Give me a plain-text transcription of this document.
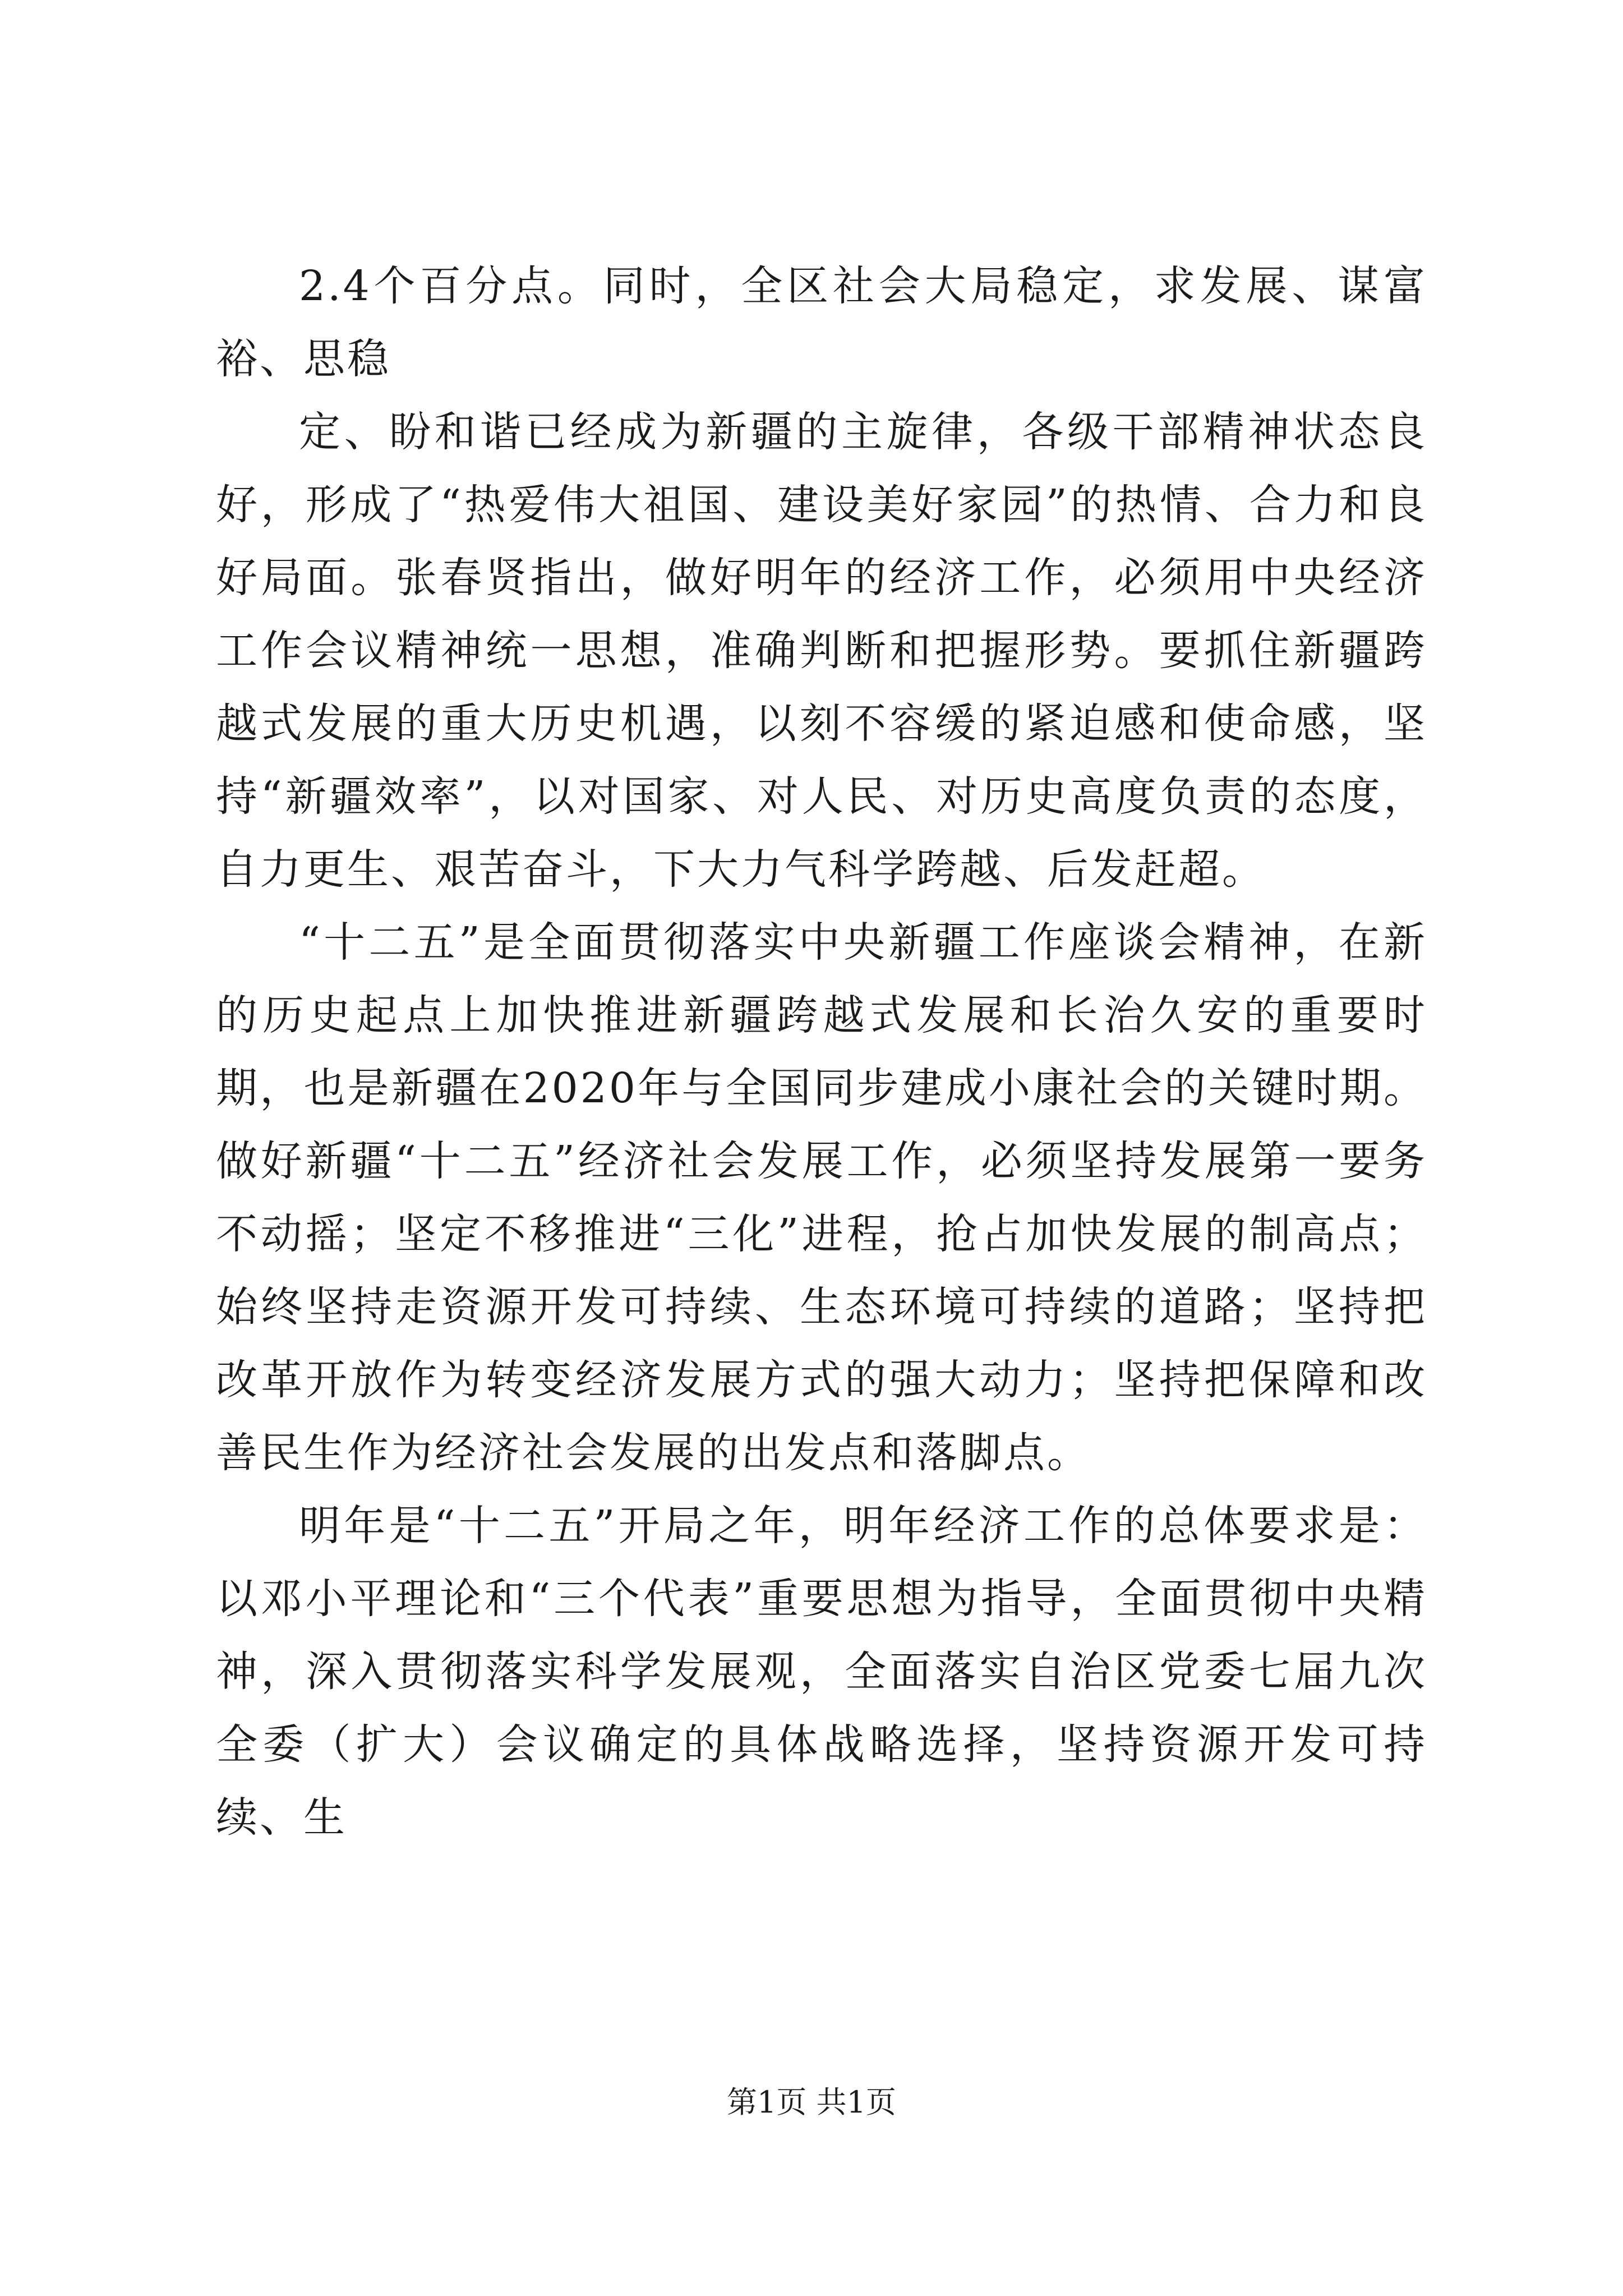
2.4个百分点。同时，全区社会大局稳定，求发展、谋富裕、思稳

定、盼和谐已经成为新疆的主旋律，各级干部精神状态良好，形成了“热爱伟大祖国、建设美好家园”的热情、合力和良好局面。张春贤指出，做好明年的经济工作，必须用中央经济工作会议精神统一思想，准确判断和把握形势。要抓住新疆跨越式发展的重大历史机遇，以刻不容缓的紧迫感和使命感，坚持“新疆效率”，以对国家、对人民、对历史高度负责的态度，自力更生、艰苦奋斗，下大力气科学跨越、后发赶超。

“十二五”是全面贯彻落实中央新疆工作座谈会精神，在新的历史起点上加快推进新疆跨越式发展和长治久安的重要时期，也是新疆在2020年与全国同步建成小康社会的关键时期。做好新疆“十二五”经济社会发展工作，必须坚持发展第一要务不动摇；坚定不移推进“三化”进程，抢占加快发展的制高点；始终坚持走资源开发可持续、生态环境可持续的道路；坚持把改革开放作为转变经济发展方式的强大动力；坚持把保障和改善民生作为经济社会发展的出发点和落脚点。

明年是“十二五”开局之年，明年经济工作的总体要求是：以邓小平理论和“三个代表”重要思想为指导，全面贯彻中央精神，深入贯彻落实科学发展观，全面落实自治区党委七届九次全委（扩大）会议确定的具体战略选择，坚持资源开发可持续、生

第1页 共1页
